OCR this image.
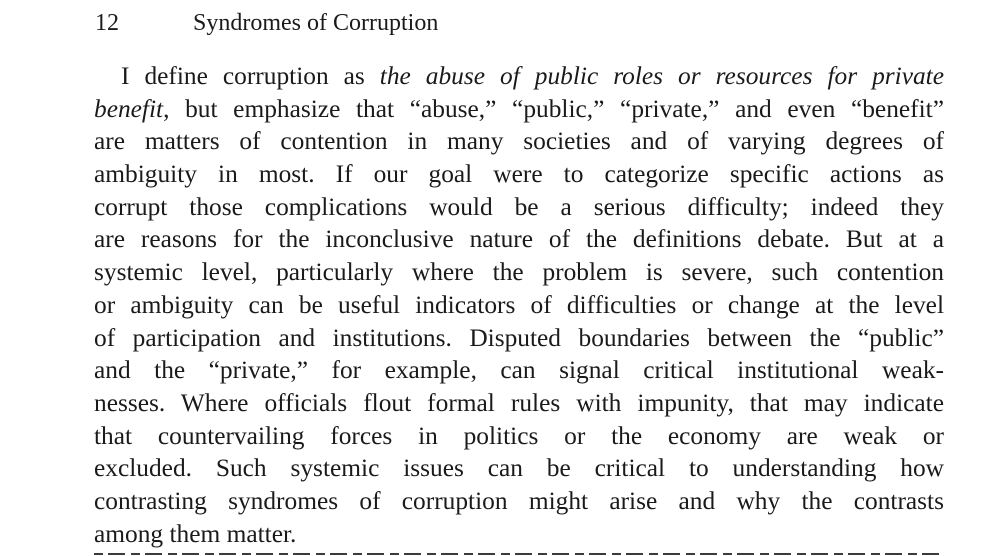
12	Syndromes of Corruption
I define corruption as the abuse of public roles or resources for private
benefit, but emphasize that “abuse,” “public,” “private,” and even “benefit”
are matters of contention in many societies and of varying degrees of
ambiguity in most. If our goal were to categorize specific actions as
corrupt those complications would be a serious difficulty; indeed they
are reasons for the inconclusive nature of the definitions debate. But at a
systemic level, particularly where the problem is severe, such contention
or ambiguity can be useful indicators of difficulties or change at the level
of participation and institutions. Disputed boundaries between the “public”
and the “private,” for example, can signal critical institutional weak-
nesses. Where officials flout formal rules with impunity, that may indicate
that countervailing forces in politics or the economy are weak or
excluded. Such systemic issues can be critical to understanding how
contrasting syndromes of corruption might arise and why the contrasts
among them matter.
